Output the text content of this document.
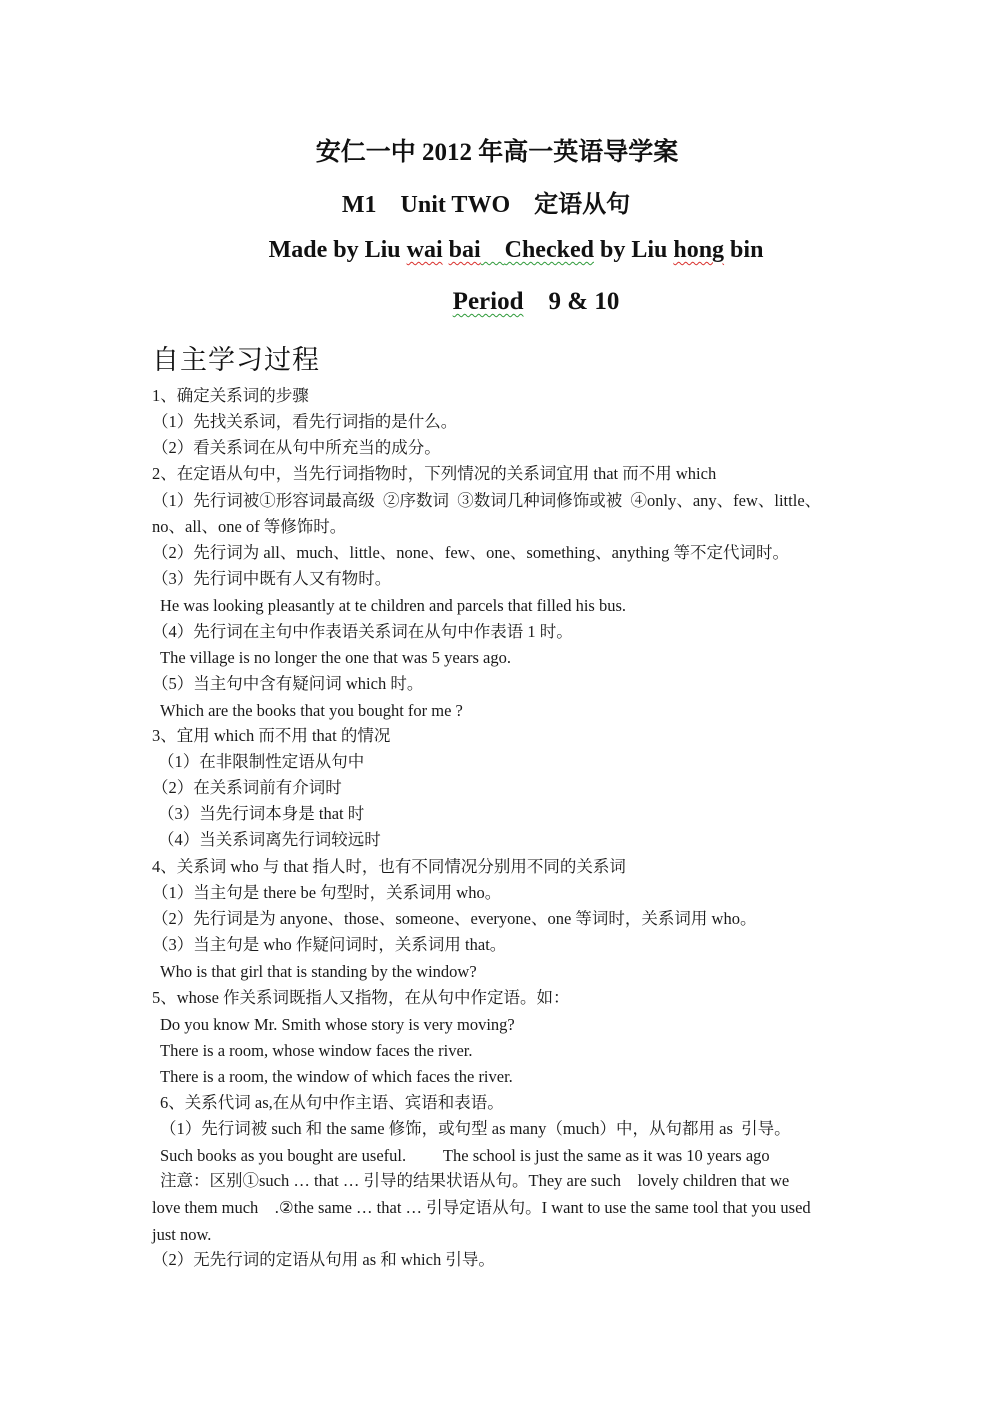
安仁一中 2012 年高一英语导学案
M1    Unit TWO    定语从句
Made by Liu wai bai Checked by Liu hong bin
Period    9 & 10
自主学习过程
1、确定关系词的步骤
（1）先找关系词，看先行词指的是什么。
（2）看关系词在从句中所充当的成分。
2、在定语从句中，当先行词指物时，下列情况的关系词宜用 that 而不用 which
（1）先行词被①形容词最高级  ②序数词  ③数词几种词修饰或被  ④only、any、few、little、
no、all、one of 等修饰时。
（2）先行词为 all、much、little、none、few、one、something、anything 等不定代词时。
（3）先行词中既有人又有物时。
He was looking pleasantly at te children and parcels that filled his bus.
（4）先行词在主句中作表语关系词在从句中作表语 1 时。
The village is no longer the one that was 5 years ago.
（5）当主句中含有疑问词 which 时。
Which are the books that you bought for me ?
3、宜用 which 而不用 that 的情况
（1）在非限制性定语从句中
（2）在关系词前有介词时
（3）当先行词本身是 that 时
（4）当关系词离先行词较远时
4、关系词 who 与 that 指人时，也有不同情况分别用不同的关系词
（1）当主句是 there be 句型时，关系词用 who。
（2）先行词是为 anyone、those、someone、everyone、one 等词时，关系词用 who。
（3）当主句是 who 作疑问词时，关系词用 that。
Who is that girl that is standing by the window?
5、whose 作关系词既指人又指物，在从句中作定语。如：
Do you know Mr. Smith whose story is very moving?
There is a room, whose window faces the river.
There is a room, the window of which faces the river.
6、关系代词 as,在从句中作主语、宾语和表语。
（1）先行词被 such 和 the same 修饰，或句型 as many（much）中，从句都用 as  引导。
Such books as you bought are useful.         The school is just the same as it was 10 years ago
注意：区别①such … that … 引导的结果状语从句。They are such    lovely children that we
love them much    .②the same … that … 引导定语从句。I want to use the same tool that you used
just now.
（2）无先行词的定语从句用 as 和 which 引导。
